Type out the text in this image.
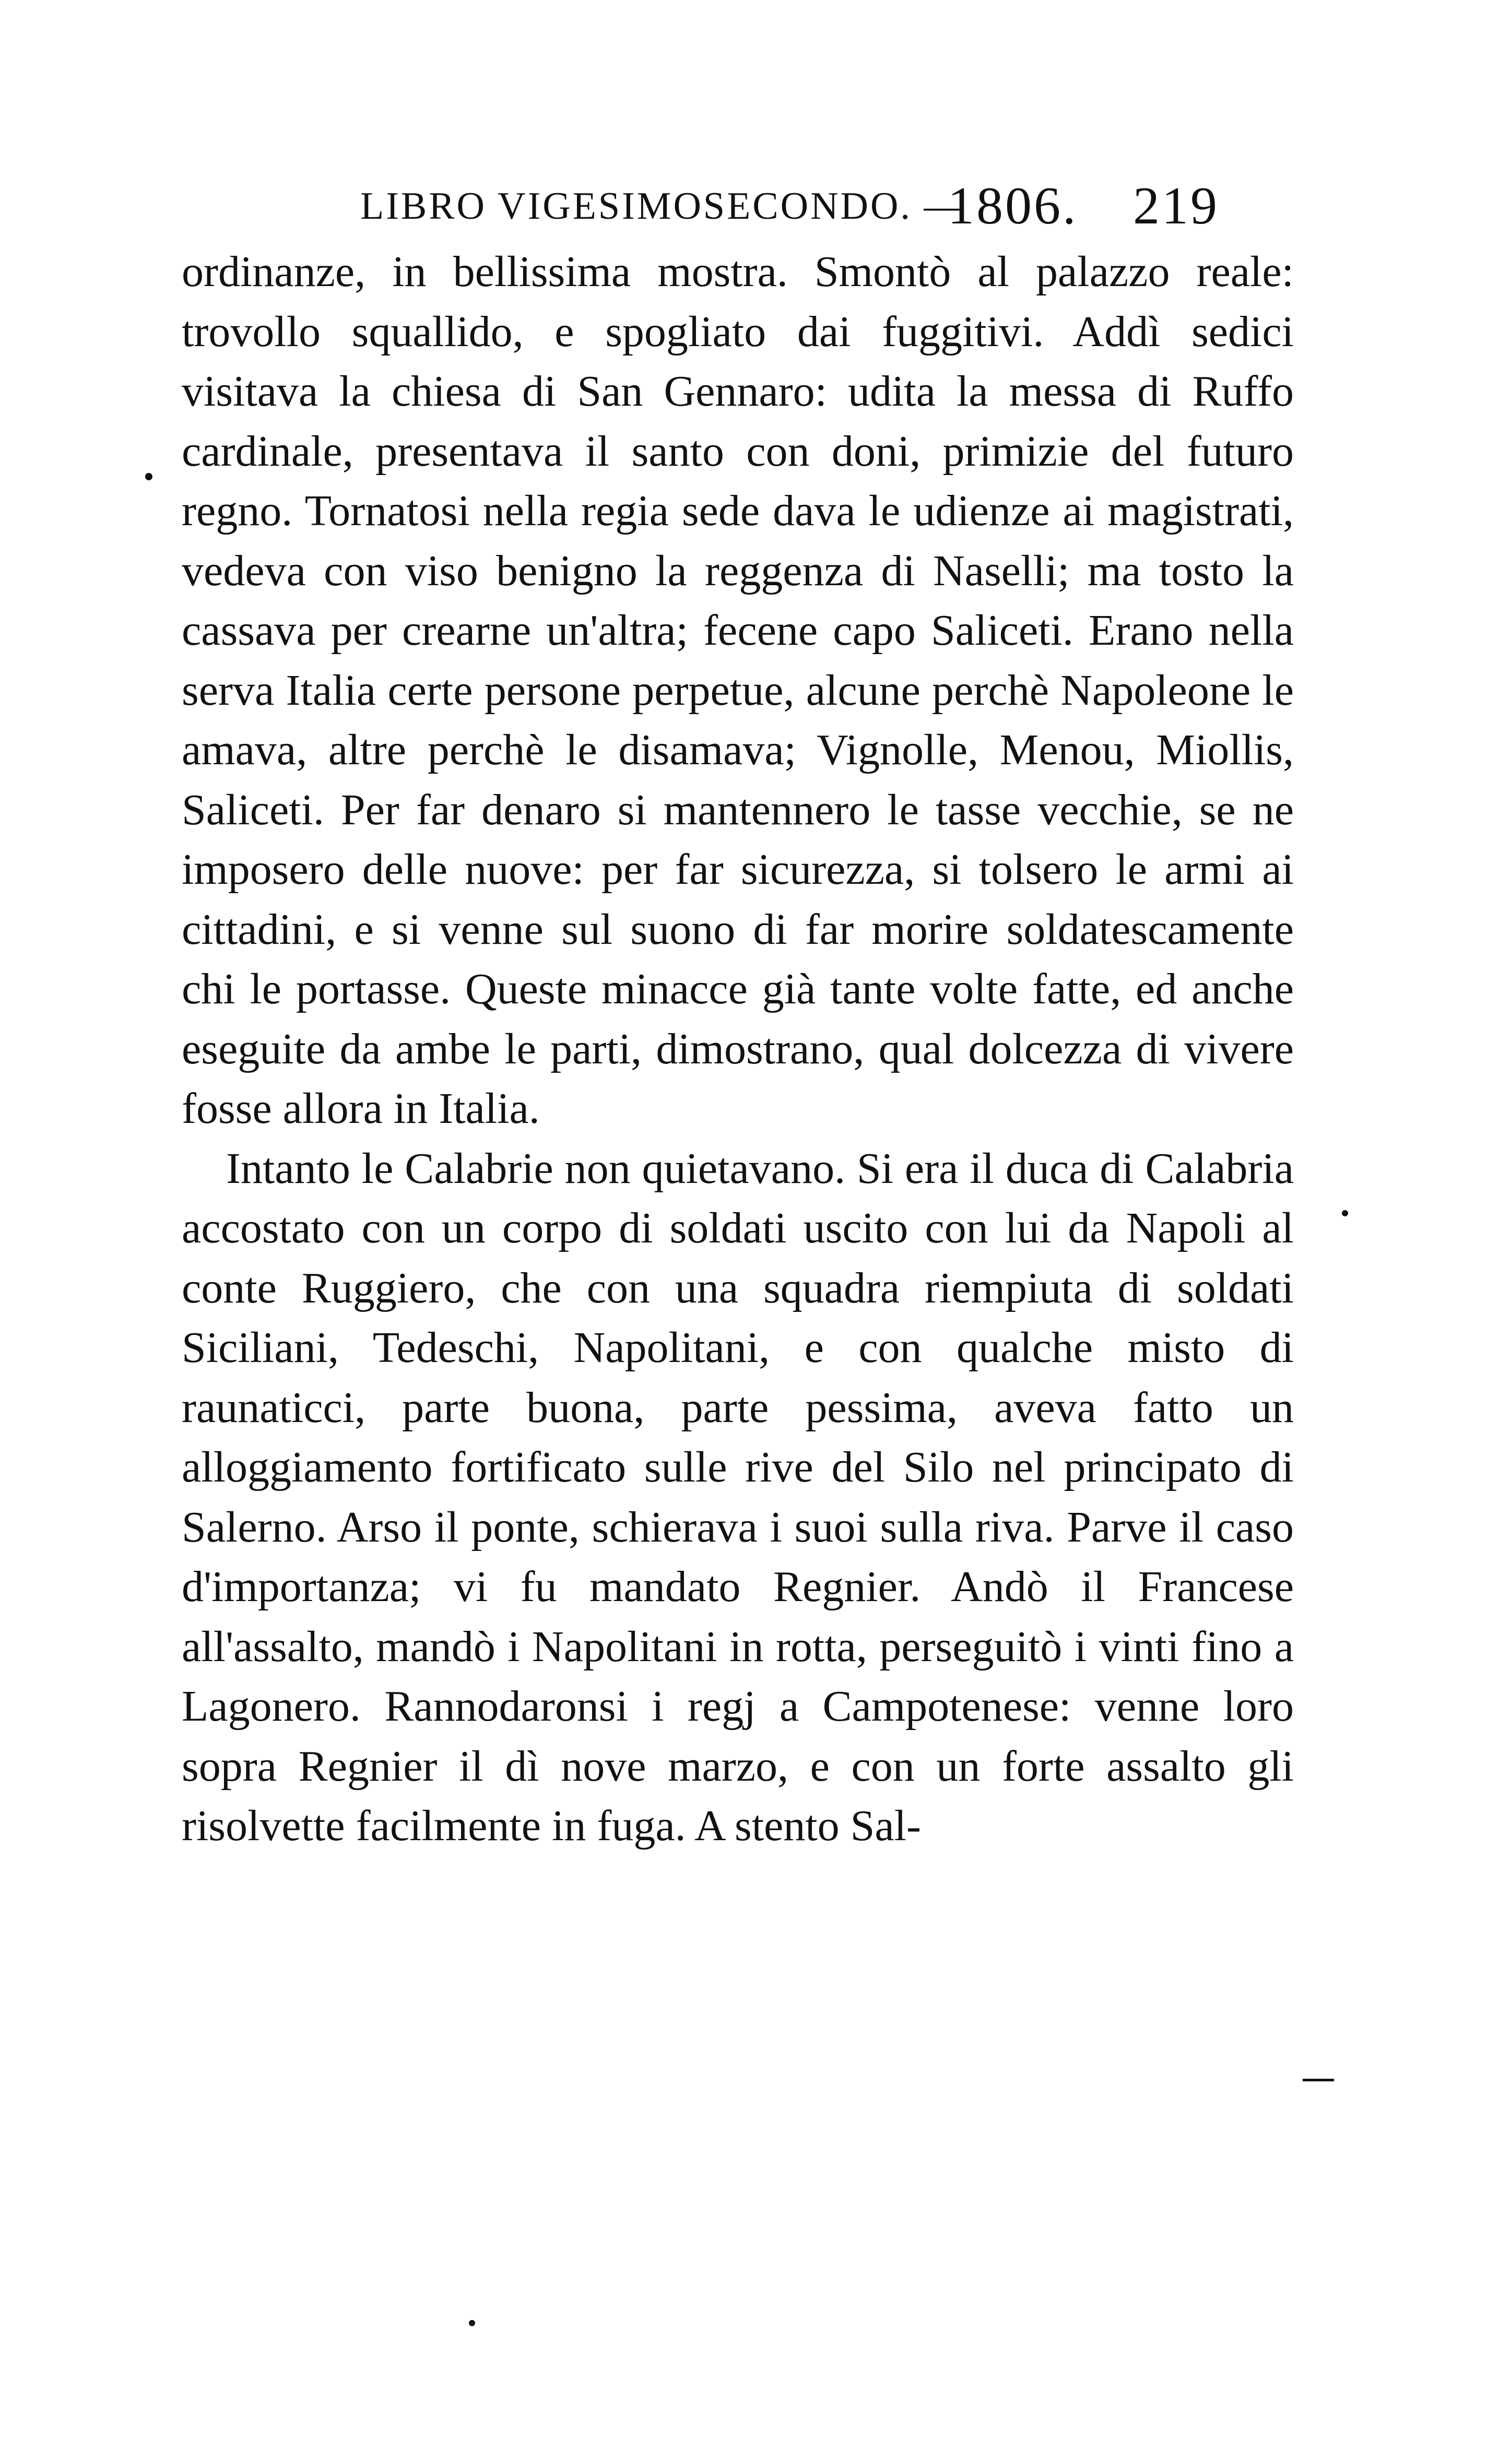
LIBRO VIGESIMOSECONDO. —
1806. 219

ordinanze, in bellissima mostra. Smontò al palazzo reale: trovollo squallido, e spogliato dai fuggitivi. Addì sedici visitava la chiesa di San Gennaro: udita la messa di Ruffo cardinale, presentava il santo con doni, primizie del futuro regno. Tornatosi nella regia sede dava le udienze ai magistrati, vedeva con viso benigno la reggenza di Naselli; ma tosto la cassava per crearne un'altra; fecene capo Saliceti. Erano nella serva Italia certe persone perpetue, alcune perchè Napoleone le amava, altre perchè le disamava; Vignolle, Menou, Miollis, Saliceti. Per far denaro si mantennero le tasse vecchie, se ne imposero delle nuove: per far sicurezza, si tolsero le armi ai cittadini, e si venne sul suono di far morire soldatescamente chi le portasse. Queste minacce già tante volte fatte, ed anche eseguite da ambe le parti, dimostrano, qual dolcezza di vivere fosse allora in Italia.

Intanto le Calabrie non quietavano. Si era il duca di Calabria accostato con un corpo di soldati uscito con lui da Napoli al conte Ruggiero, che con una squadra riempiuta di soldati Siciliani, Tedeschi, Napolitani, e con qualche misto di raunaticci, parte buona, parte pessima, aveva fatto un alloggiamento fortificato sulle rive del Silo nel principato di Salerno. Arso il ponte, schierava i suoi sulla riva. Parve il caso d'importanza; vi fu mandato Regnier. Andò il Francese all'assalto, mandò i Napolitani in rotta, perseguitò i vinti fino a Lagonero. Rannodaronsi i regj a Campotenese: venne loro sopra Regnier il dì nove marzo, e con un forte assalto gli risolvette facilmente in fuga. A stento Sal-
